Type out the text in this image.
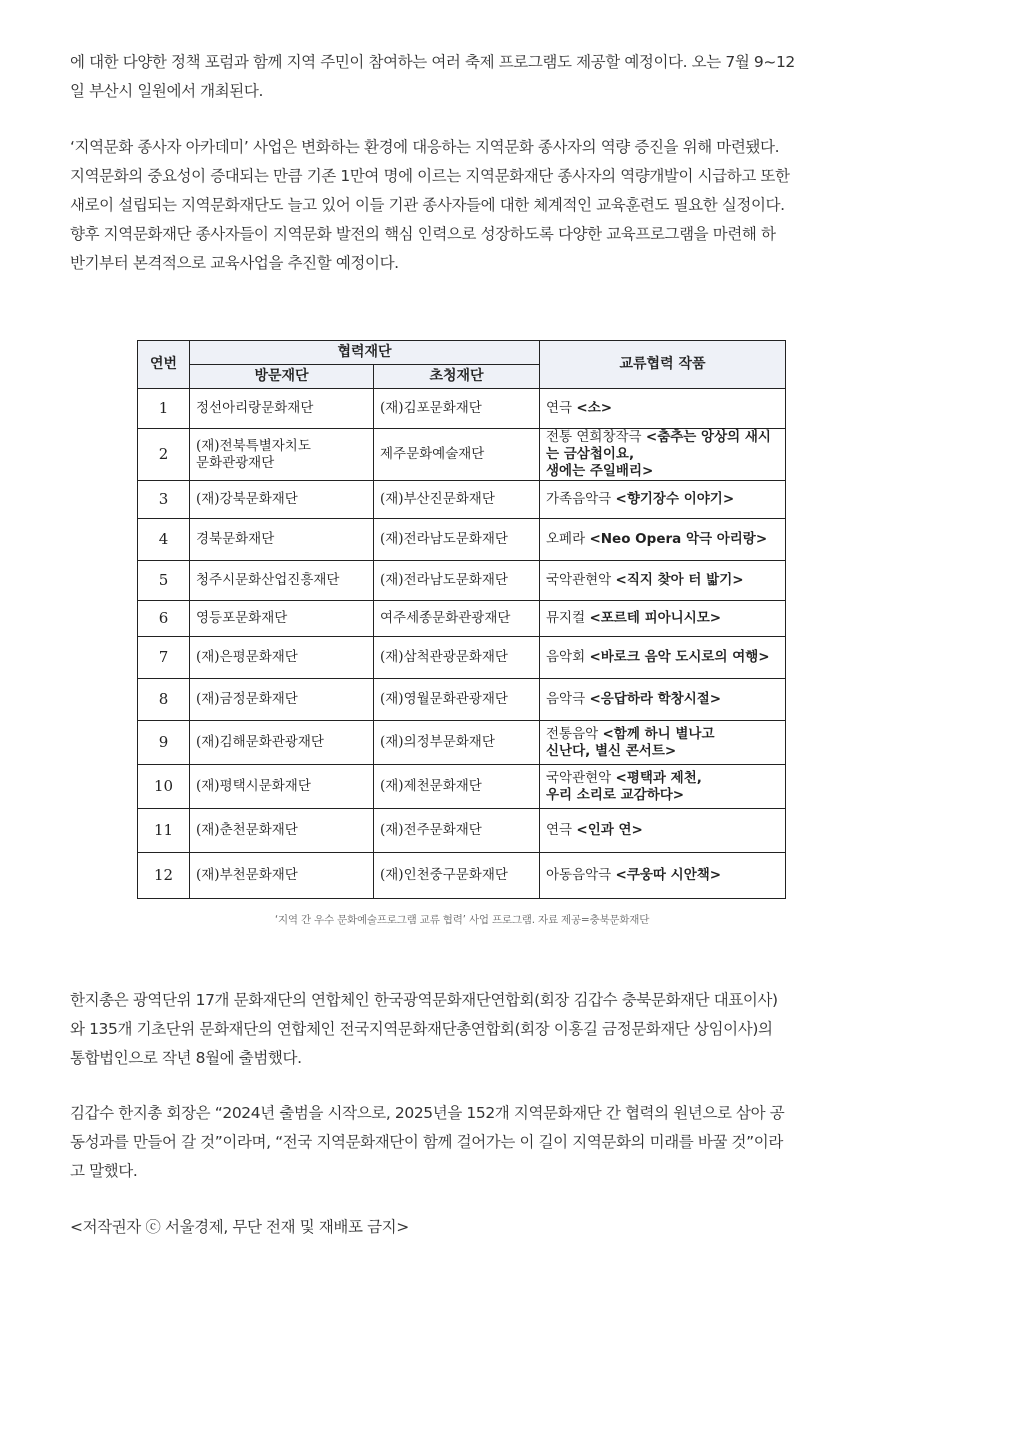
에 대한 다양한 정책 포럼과 함께 지역 주민이 참여하는 여러 축제 프로그램도 제공할 예정이다. 오는 7월 9~12
일 부산시 일원에서 개최된다.
‘지역문화 종사자 아카데미’ 사업은 변화하는 환경에 대응하는 지역문화 종사자의 역량 증진을 위해 마련됐다.
지역문화의 중요성이 증대되는 만큼 기존 1만여 명에 이르는 지역문화재단 종사자의 역량개발이 시급하고 또한
새로이 설립되는 지역문화재단도 늘고 있어 이들 기관 종사자들에 대한 체계적인 교육훈련도 필요한 실정이다.
향후 지역문화재단 종사자들이 지역문화 발전의 핵심 인력으로 성장하도록 다양한 교육프로그램을 마련해 하
반기부터 본격적으로 교육사업을 추진할 예정이다.
연번	협력재단		교류협력 작품
	방문재단	초청재단	
1	정선아리랑문화재단	(재)김포문화재단	연극 <소>
2	(재)전북특별자치도
문화관광재단	제주문화예술재단	전통 연희창작극 <춤추는 앙상의 새시는 금삼첩이요,
생에는 주일배리>
3	(재)강북문화재단	(재)부산진문화재단	가족음악극 <향기장수 이야기>
4	경북문화재단	(재)전라남도문화재단	오페라 <Neo Opera 악극 아리랑>
5	청주시문화산업진흥재단	(재)전라남도문화재단	국악관현악 <직지 찾아 터 밟기>
6	영등포문화재단	여주세종문화관광재단	뮤지컬 <포르테 피아니시모>
7	(재)은평문화재단	(재)삼척관광문화재단	음악회 <바로크 음악 도시로의 여행>
8	(재)금정문화재단	(재)영월문화관광재단	음악극 <응답하라 학창시절>
9	(재)김해문화관광재단	(재)의정부문화재단	전통음악 <함께 하니 별나고
신난다, 별신 콘서트>
10	(재)평택시문화재단	(재)제천문화재단	국악관현악 <평택과 제천,
우리 소리로 교감하다>
11	(재)춘천문화재단	(재)전주문화재단	연극 <인과 연>
12	(재)부천문화재단	(재)인천중구문화재단	아동음악극 <쿠웅따 시안책>
‘지역 간 우수 문화예술프로그램 교류 협력’ 사업 프로그램. 자료 제공=충북문화재단
한지총은 광역단위 17개 문화재단의 연합체인 한국광역문화재단연합회(회장 김갑수 충북문화재단 대표이사)
와 135개 기초단위 문화재단의 연합체인 전국지역문화재단총연합회(회장 이홍길 금정문화재단 상임이사)의
통합법인으로 작년 8월에 출범했다.
김갑수 한지총 회장은 “2024년 출범을 시작으로, 2025년을 152개 지역문화재단 간 협력의 원년으로 삼아 공
동성과를 만들어 갈 것”이라며, “전국 지역문화재단이 함께 걸어가는 이 길이 지역문화의 미래를 바꿀 것”이라
고 말했다.
<저작권자 ⓒ 서울경제, 무단 전재 및 재배포 금지>
